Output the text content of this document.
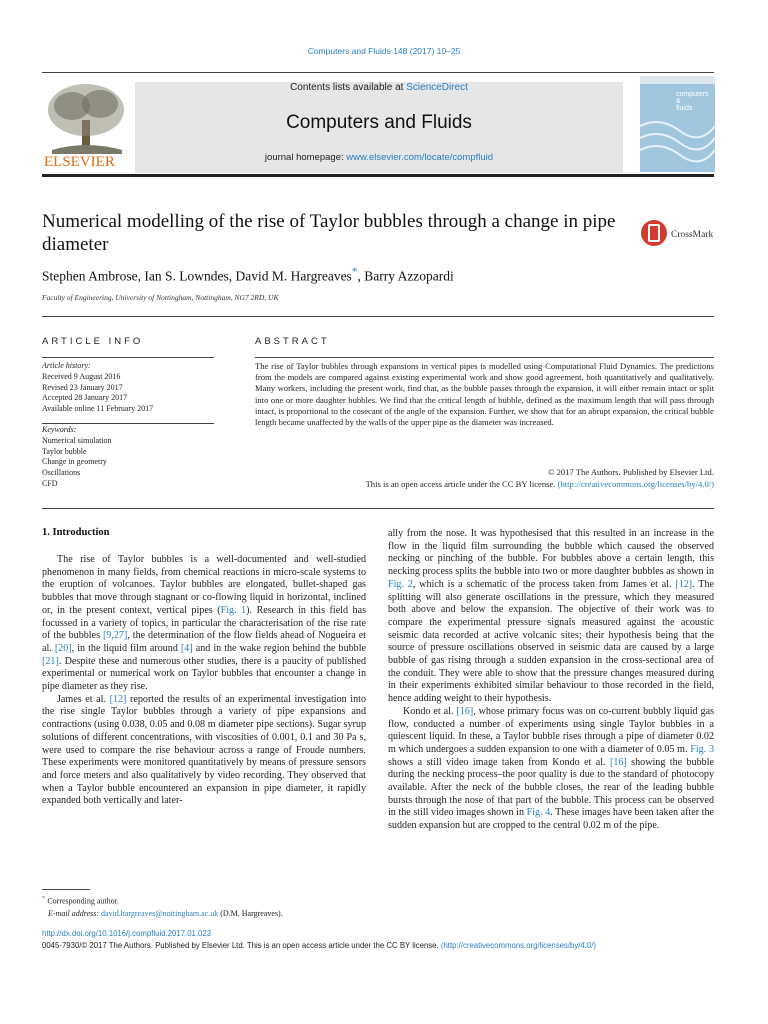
Computers and Fluids 148 (2017) 10–25
ELSEVIER
Contents lists available at ScienceDirect
Computers and Fluids
journal homepage: www.elsevier.com/locate/compfluid
computers
&
fluids
Numerical modelling of the rise of Taylor bubbles through a change in pipe diameter	CrossMark
Stephen Ambrose, Ian S. Lowndes, David M. Hargreaves*, Barry Azzopardi
Faculty of Engineering, University of Nottingham, Nottingham, NG7 2RD, UK
ARTICLE INFO	ABSTRACT
Article history:
Received 9 August 2016
Revised 23 January 2017
Accepted 28 January 2017
Available online 11 February 2017
Keywords:
Numerical simulation
Taylor bubble
Change in geometry
Oscillations
CFD
The rise of Taylor bubbles through expansions in vertical pipes is modelled using Computational Fluid Dynamics. The predictions from the models are compared against existing experimental work and show good agreement, both quantitatively and qualitatively. Many workers, including the present work, find that, as the bubble passes through the expansion, it will either remain intact or split into one or more daughter bubbles. We find that the critical length of bubble, defined as the maximum length that will pass through intact, is proportional to the cosecant of the angle of the expansion. Further, we show that for an abrupt expansion, the critical bubble length became unaffected by the walls of the upper pipe as the diameter was increased.
© 2017 The Authors. Published by Elsevier Ltd.
This is an open access article under the CC BY license. (http://creativecommons.org/licenses/by/4.0/)
1. Introduction

The rise of Taylor bubbles is a well-documented and well-studied phenomenon in many fields, from chemical reactions in micro-scale systems to the eruption of volcanoes. Taylor bubbles are elongated, bullet-shaped gas bubbles that move through stagnant or co-flowing liquid in horizontal, inclined or, in the present context, vertical pipes (Fig. 1). Research in this field has focussed in a variety of topics, in particular the characterisation of the rise rate of the bubbles [9,27], the determination of the flow fields ahead of Nogueira et al. [20], in the liquid film around [4] and in the wake region behind the bubble [21]. Despite these and numerous other studies, there is a paucity of published experimental or numerical work on Taylor bubbles that encounter a change in pipe diameter as they rise.

James et al. [12] reported the results of an experimental investigation into the rise single Taylor bubbles through a variety of pipe expansions and contractions (using 0.038, 0.05 and 0.08 m diameter pipe sections). Sugar syrup solutions of different concentrations, with viscosities of 0.001, 0.1 and 30 Pa s, were used to compare the rise behaviour across a range of Froude numbers. These experiments were monitored quantitatively by means of pressure sensors and force meters and also qualitatively by video recording. They observed that when a Taylor bubble encountered an expansion in pipe diameter, it rapidly expanded both vertically and later-

ally from the nose. It was hypothesised that this resulted in an increase in the flow in the liquid film surrounding the bubble which caused the observed necking or pinching of the bubble. For bubbles above a certain length, this necking process splits the bubble into two or more daughter bubbles as shown in Fig. 2, which is a schematic of the process taken from James et al. [12]. The splitting will also generate oscillations in the pressure, which they measured both above and below the expansion. The objective of their work was to compare the experimental pressure signals measured against the acoustic seismic data recorded at active volcanic sites; their hypothesis being that the source of pressure oscillations observed in seismic data are caused by a large bubble of gas rising through a sudden expansion in the cross-sectional area of the conduit. They were able to show that the pressure changes measured during in their experiments exhibited similar behaviour to those recorded in the field, hence adding weight to their hypothesis.

Kondo et al. [16], whose primary focus was on co-current bubbly liquid gas flow, conducted a number of experiments using single Taylor bubbles in a quiescent liquid. In these, a Taylor bubble rises through a pipe of diameter 0.02 m which undergoes a sudden expansion to one with a diameter of 0.05 m. Fig. 3 shows a still video image taken from Kondo et al. [16] showing the bubble during the necking process–the poor quality is due to the standard of photocopy available. After the neck of the bubble closes, the rear of the leading bubble bursts through the nose of that part of the bubble. This process can be observed in the still video images shown in Fig. 4. These images have been taken after the sudden expansion but are cropped to the central 0.02 m of the pipe.

* Corresponding author.
E-mail address: david.hargreaves@nottingham.ac.uk (D.M. Hargreaves).
http://dx.doi.org/10.1016/j.compfluid.2017.01.023
0045-7930/© 2017 The Authors. Published by Elsevier Ltd. This is an open access article under the CC BY license. (http://creativecommons.org/licenses/by/4.0/)
